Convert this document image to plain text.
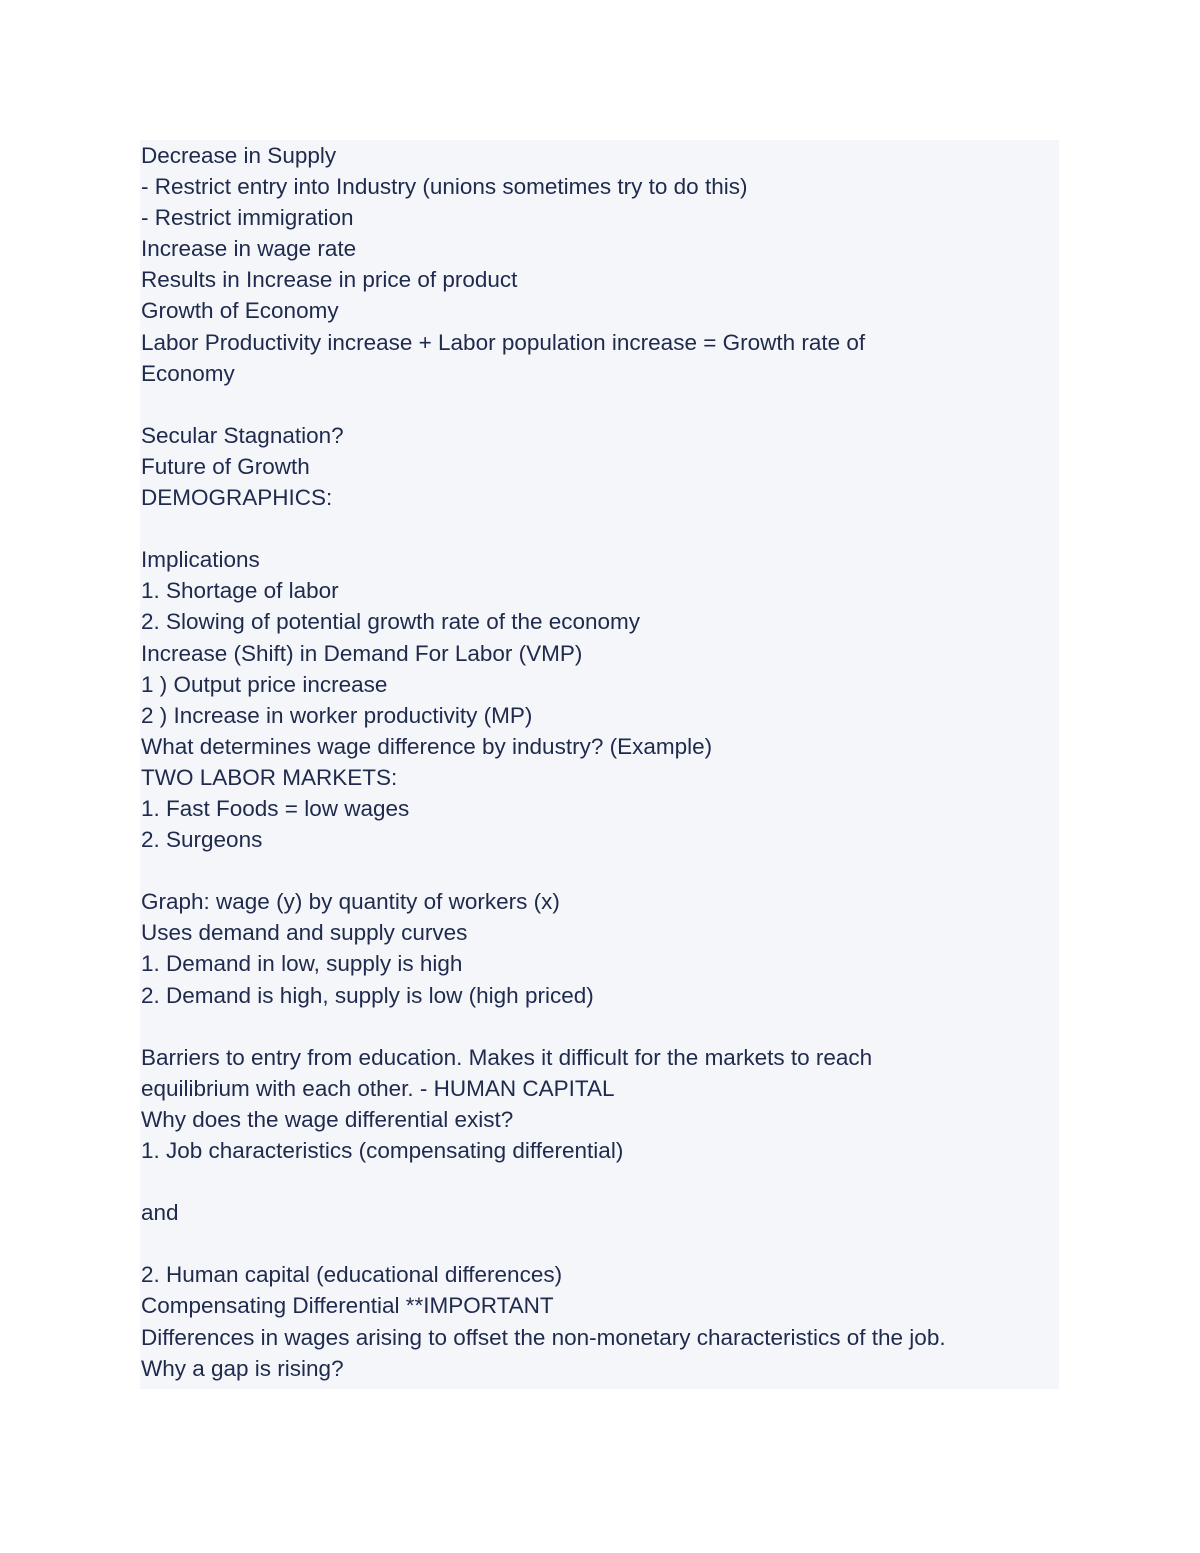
Decrease in Supply
- Restrict entry into Industry (unions sometimes try to do this)
- Restrict immigration
Increase in wage rate
Results in Increase in price of product
Growth of Economy
Labor Productivity increase + Labor population increase = Growth rate of
Economy
Secular Stagnation?
Future of Growth
DEMOGRAPHICS:
Implications
1. Shortage of labor
2. Slowing of potential growth rate of the economy
Increase (Shift) in Demand For Labor (VMP)
1 ) Output price increase
2 ) Increase in worker productivity (MP)
What determines wage difference by industry? (Example)
TWO LABOR MARKETS:
1. Fast Foods = low wages
2. Surgeons
Graph: wage (y) by quantity of workers (x)
Uses demand and supply curves
1. Demand in low, supply is high
2. Demand is high, supply is low (high priced)
Barriers to entry from education. Makes it difficult for the markets to reach
equilibrium with each other. - HUMAN CAPITAL
Why does the wage differential exist?
1. Job characteristics (compensating differential)
and
2. Human capital (educational differences)
Compensating Differential **IMPORTANT
Differences in wages arising to offset the non-monetary characteristics of the job.
Why a gap is rising?
